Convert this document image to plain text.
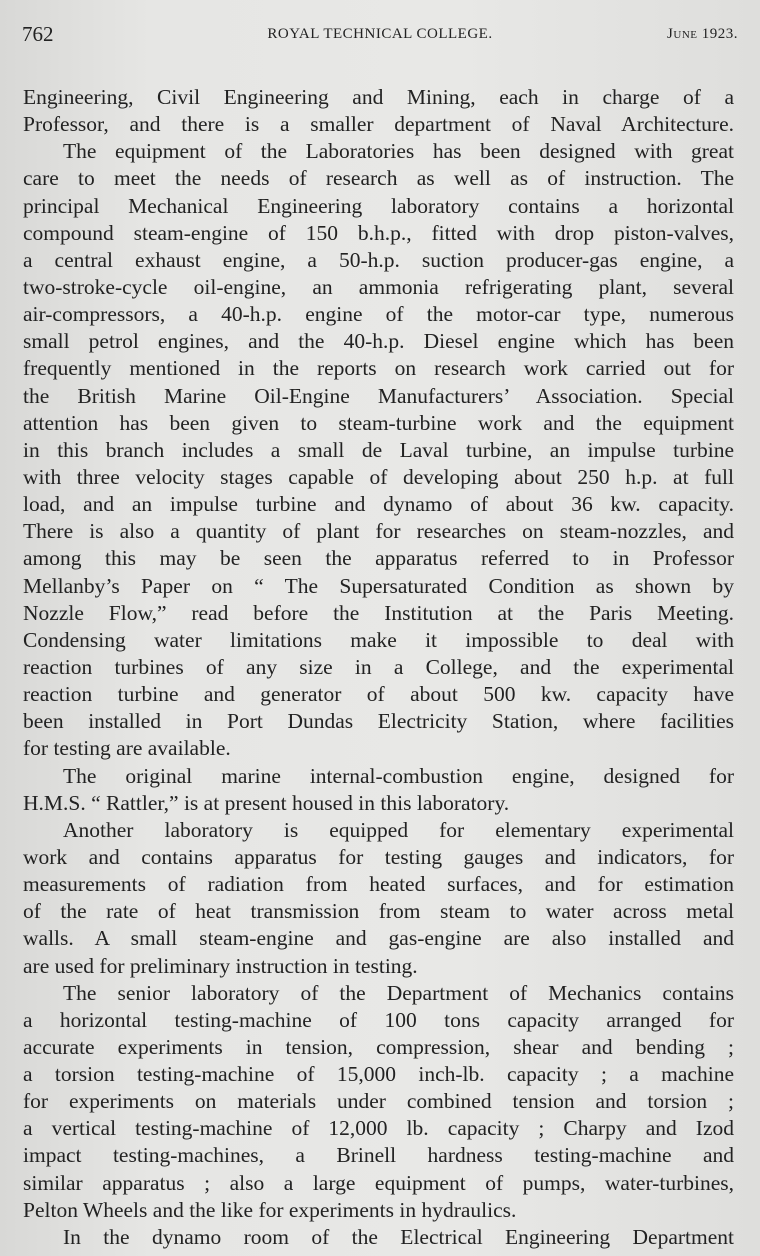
762	ROYAL TECHNICAL COLLEGE.	June 1923.
Engineering, Civil Engineering and Mining, each in charge of a
Professor, and there is a smaller department of Naval Architecture.
The equipment of the Laboratories has been designed with great
care to meet the needs of research as well as of instruction. The
principal Mechanical Engineering laboratory contains a horizontal
compound steam-engine of 150 b.h.p., fitted with drop piston-valves,
a central exhaust engine, a 50-h.p. suction producer-gas engine, a
two-stroke-cycle oil-engine, an ammonia refrigerating plant, several
air-compressors, a 40-h.p. engine of the motor-car type, numerous
small petrol engines, and the 40-h.p. Diesel engine which has been
frequently mentioned in the reports on research work carried out for
the British Marine Oil-Engine Manufacturers’ Association. Special
attention has been given to steam-turbine work and the equipment
in this branch includes a small de Laval turbine, an impulse turbine
with three velocity stages capable of developing about 250 h.p. at full
load, and an impulse turbine and dynamo of about 36 kw. capacity.
There is also a quantity of plant for researches on steam-nozzles, and
among this may be seen the apparatus referred to in Professor
Mellanby’s Paper on “ The Supersaturated Condition as shown by
Nozzle Flow,” read before the Institution at the Paris Meeting.
Condensing water limitations make it impossible to deal with
reaction turbines of any size in a College, and the experimental
reaction turbine and generator of about 500 kw. capacity have
been installed in Port Dundas Electricity Station, where facilities
for testing are available.
The original marine internal-combustion engine, designed for
H.M.S. “ Rattler,” is at present housed in this laboratory.
Another laboratory is equipped for elementary experimental
work and contains apparatus for testing gauges and indicators, for
measurements of radiation from heated surfaces, and for estimation
of the rate of heat transmission from steam to water across metal
walls. A small steam-engine and gas-engine are also installed and
are used for preliminary instruction in testing.
The senior laboratory of the Department of Mechanics contains
a horizontal testing-machine of 100 tons capacity arranged for
accurate experiments in tension, compression, shear and bending ;
a torsion testing-machine of 15,000 inch-lb. capacity ; a machine
for experiments on materials under combined tension and torsion ;
a vertical testing-machine of 12,000 lb. capacity ; Charpy and Izod
impact testing-machines, a Brinell hardness testing-machine and
similar apparatus ; also a large equipment of pumps, water-turbines,
Pelton Wheels and the like for experiments in hydraulics.
In the dynamo room of the Electrical Engineering Department
